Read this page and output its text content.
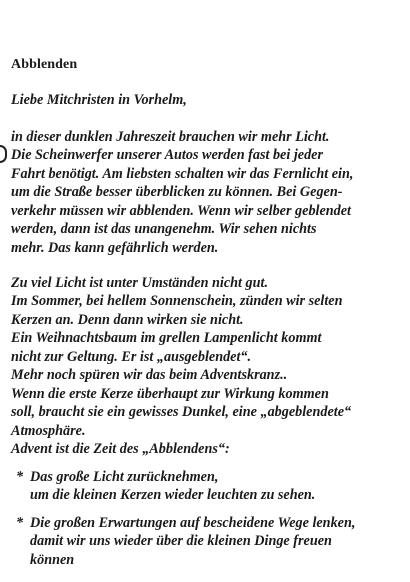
Abblenden
Liebe Mitchristen in Vorhelm,
in dieser dunklen Jahreszeit brauchen wir mehr Licht.
Die Scheinwerfer unserer Autos werden fast bei jeder
Fahrt benötigt. Am liebsten schalten wir das Fernlicht ein,
um die Straße besser überblicken zu können. Bei Gegen-
verkehr müssen wir abblenden. Wenn wir selber geblendet
werden, dann ist das unangenehm. Wir sehen nichts
mehr. Das kann gefährlich werden.
Zu viel Licht ist unter Umständen nicht gut.
Im Sommer, bei hellem Sonnenschein, zünden wir selten
Kerzen an. Denn dann wirken sie nicht.
Ein Weihnachtsbaum im grellen Lampenlicht kommt
nicht zur Geltung. Er ist „ausgeblendet“.
Mehr noch spüren wir das beim Adventskranz..
Wenn die erste Kerze überhaupt zur Wirkung kommen
soll, braucht sie ein gewisses Dunkel, eine „abgeblendete“
Atmosphäre.
Advent ist die Zeit des „Abblendens“:
* Das große Licht zurücknehmen,
um die kleinen Kerzen wieder leuchten zu sehen.
* Die großen Erwartungen auf bescheidene Wege lenken,
damit wir uns wieder über die kleinen Dinge freuen
können
